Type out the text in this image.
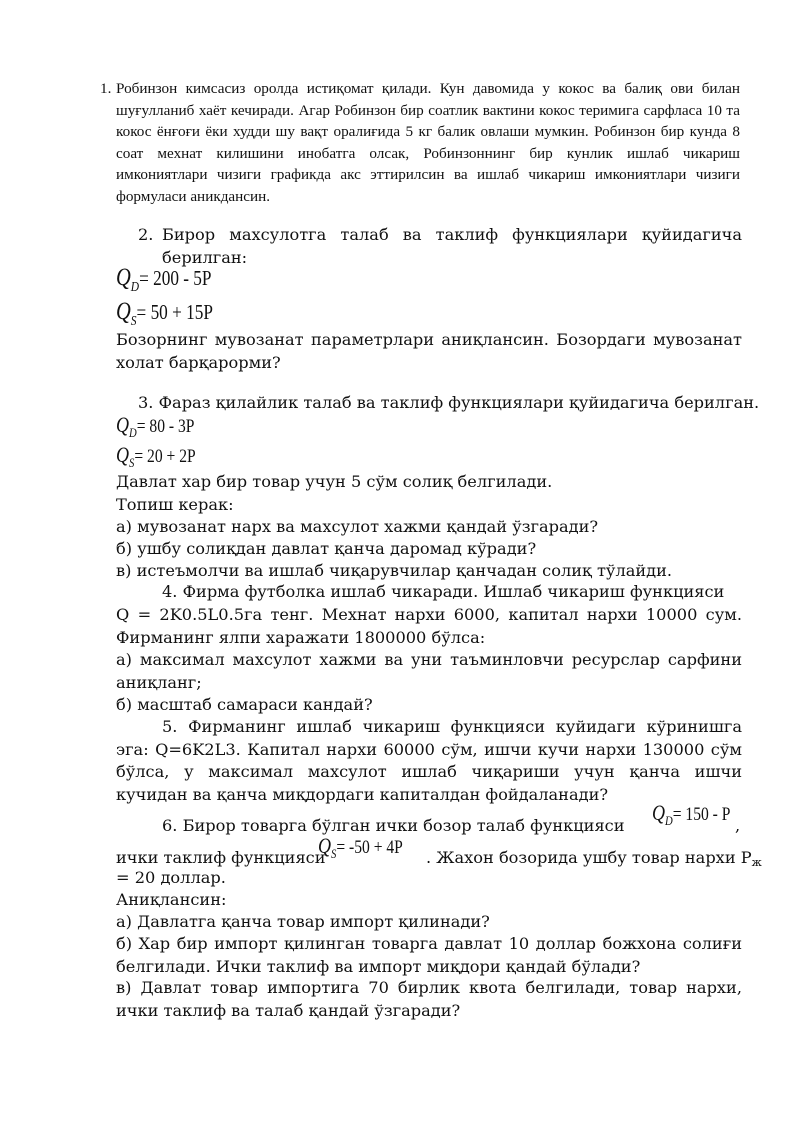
1. Робинзон кимсасиз оролда истиқомат қилади. Кун давомида у кокос ва балиқ ови билан шуғулланиб хаёт кечиради. Агар Робинзон бир соатлик вактини кокос теримига сарфласа 10 та кокос ёнғоғи ёки худди шу вақт оралиғида 5 кг балик овлаши мумкин. Робинзон бир кунда 8 соат мехнат килишини инобатга олсак, Робинзоннинг бир кунлик ишлаб чикариш имкониятлари чизиги графикда акс эттирилсин ва ишлаб чикариш имкониятлари чизиги формуласи аникдансин.
2. Бирор махсулотга талаб ва таклиф функциялари қуйидагича берилган:
$Q_D= 200 - 5P$
$Q_S= 50 + 15P$
Бозорнинг мувозанат параметрлари аниқлансин. Бозордаги мувозанат холат барқарорми?
3. Фараз қилайлик талаб ва таклиф функциялари қуйидагича берилган.
$Q_D= 80 - 3P$
$Q_S= 20 + 2P$
Давлат хар бир товар учун 5 сўм солиқ белгилади.
Топиш керак:
а) мувозанат нарх ва махсулот хажми қандай ўзгаради?
б) ушбу солиқдан давлат қанча даромад кўради?
в) истеъмолчи ва ишлаб чиқарувчилар қанчадан солиқ тўлайди.
4. Фирма футболка ишлаб чикаради. Ишлаб чикариш функцияси
Q = 2K0.5L0.5га тенг. Мехнат нархи 6000, капитал нархи 10000 сум. Фирманинг ялпи харажати 1800000 бўлса:
а) максимал махсулот хажми ва уни таъминловчи ресурслар сарфини аниқланг;
б) масштаб самараси кандай?
5. Фирманинг ишлаб чикариш функцияси куйидаги кўринишга эга: Q=6K2L3. Капитал нархи 60000 сўм, ишчи кучи нархи 130000 сўм бўлса, у максимал махсулот ишлаб чиқариши учун қанча ишчи кучидан ва қанча миқдордаги капиталдан фойдаланади?
6. Бирор товарга бўлган ички бозор талаб функцияси
$Q_D= 150 - P$
,
ички таклиф функцияси
$Q_S= -50 + 4P$ . Жахон бозорида ушбу товар нархи Рж
= 20 доллар.
Аниқлансин:
а) Давлатга қанча товар импорт қилинади?
б) Хар бир импорт қилинган товарга давлат 10 доллар божхона солиғи белгилади. Ички таклиф ва импорт миқдори қандай бўлади?
в) Давлат товар импортига 70 бирлик квота белгилади, товар нархи, ички таклиф ва талаб қандай ўзгаради?
